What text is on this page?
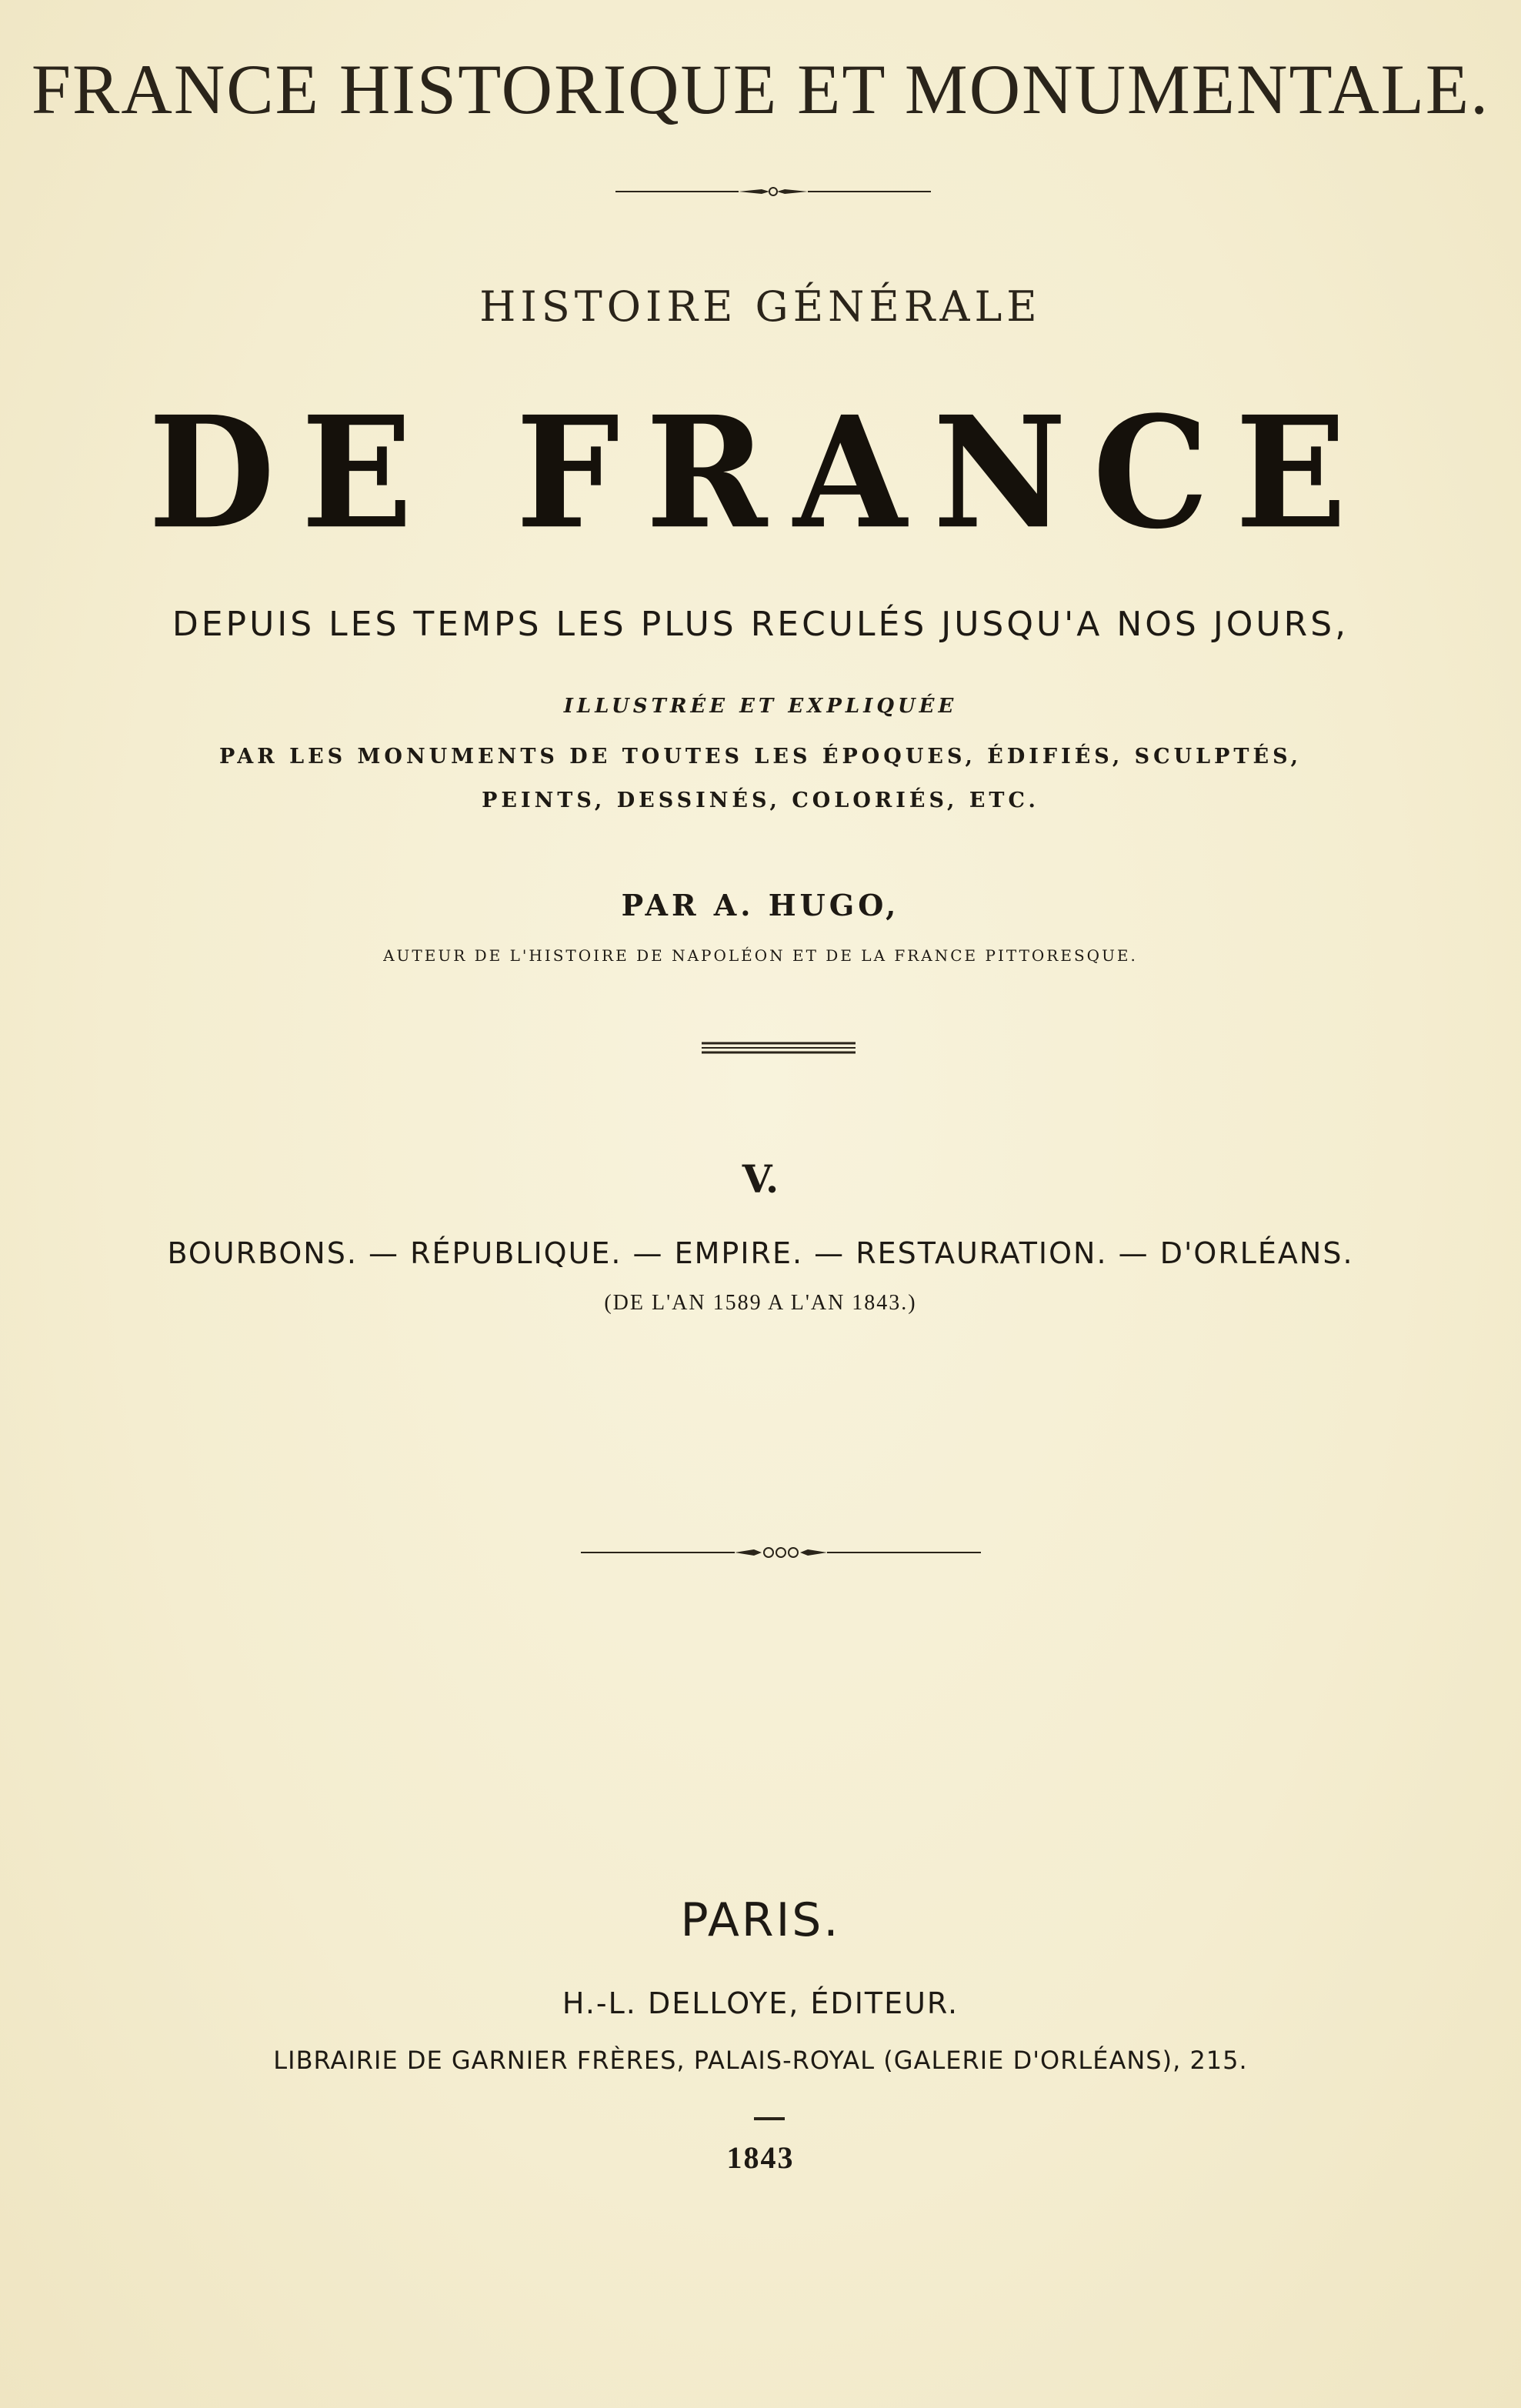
FRANCE HISTORIQUE ET MONUMENTALE.
HISTOIRE GÉNÉRALE
DE FRANCE
DEPUIS LES TEMPS LES PLUS RECULÉS JUSQU'A NOS JOURS,
ILLUSTRÉE ET EXPLIQUÉE
PAR LES MONUMENTS DE TOUTES LES ÉPOQUES, ÉDIFIÉS, SCULPTÉS,
PEINTS, DESSINÉS, COLORIÉS, ETC.
PAR A. HUGO,
AUTEUR DE L'HISTOIRE DE NAPOLÉON ET DE LA FRANCE PITTORESQUE.
V.
BOURBONS. — RÉPUBLIQUE. — EMPIRE. — RESTAURATION. — D'ORLÉANS.
(DE L'AN 1589 A L'AN 1843.)
PARIS.
H.-L. DELLOYE, ÉDITEUR.
LIBRAIRIE DE GARNIER FRÈRES, PALAIS-ROYAL (GALERIE D'ORLÉANS), 215.
1843
